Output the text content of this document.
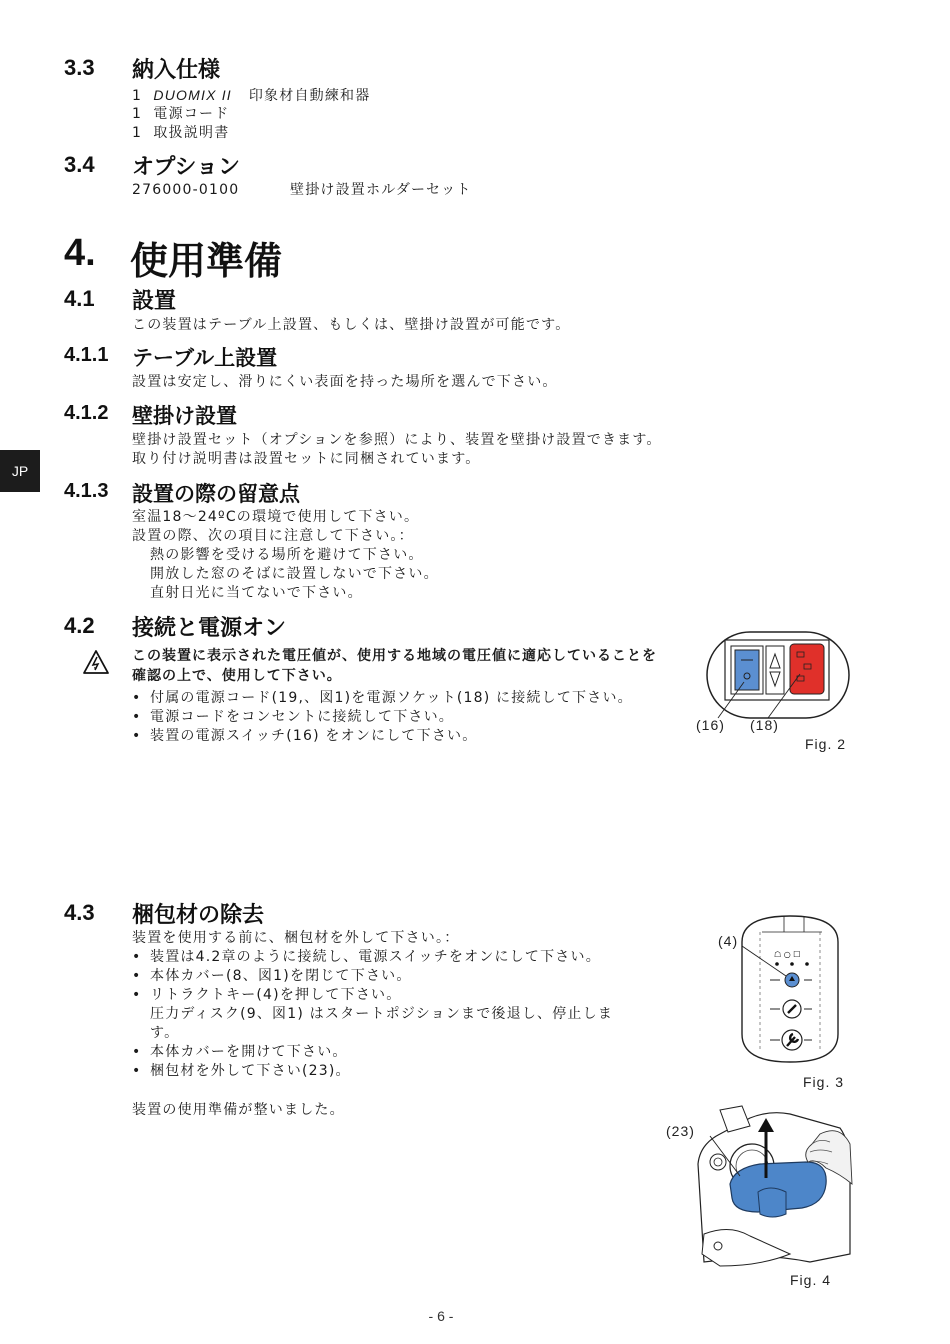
JP
3.3 納入仕様
1 DUOMIX II 印象材自動練和器
1 電源コード
1 取扱説明書
3.4 オプション
276000-0100	壁掛け設置ホルダーセット
4. 使用準備
4.1 設置
この装置はテーブル上設置、もしくは、壁掛け設置が可能です。
4.1.1 テーブル上設置
設置は安定し、滑りにくい表面を持った場所を選んで下さい。
4.1.2 壁掛け設置
壁掛け設置セット（オプションを参照）により、装置を壁掛け設置できます。
取り付け説明書は設置セットに同梱されています。
4.1.3 設置の際の留意点
室温18～24ºCの環境で使用して下さい。
設置の際、次の項目に注意して下さい。：
熱の影響を受ける場所を避けて下さい。
開放した窓のそばに設置しないで下さい。
直射日光に当てないで下さい。
4.2 接続と電源オン
この装置に表示された電圧値が、使用する地域の電圧値に適応していることを
確認の上で、使用して下さい。
• 付属の電源コード(19,、図1)を電源ソケット(18) に接続して下さい。
• 電源コードをコンセントに接続して下さい。
• 装置の電源スイッチ(16) をオンにして下さい。
(16) (18)
Fig. 2
4.3 梱包材の除去
装置を使用する前に、梱包材を外して下さい。：
• 装置は4.2章のように接続し、電源スイッチをオンにして下さい。
• 本体カバー(8、図1)を閉じて下さい。
• リトラクトキー(4)を押して下さい。
圧力ディスク(9、図1) はスタートポジションまで後退し、停止しま
す。
• 本体カバーを開けて下さい。
• 梱包材を外して下さい(23)。
装置の使用準備が整いました。
☖ ○ ☐
(4)
Fig. 3
(23)
Fig. 4
- 6 -
